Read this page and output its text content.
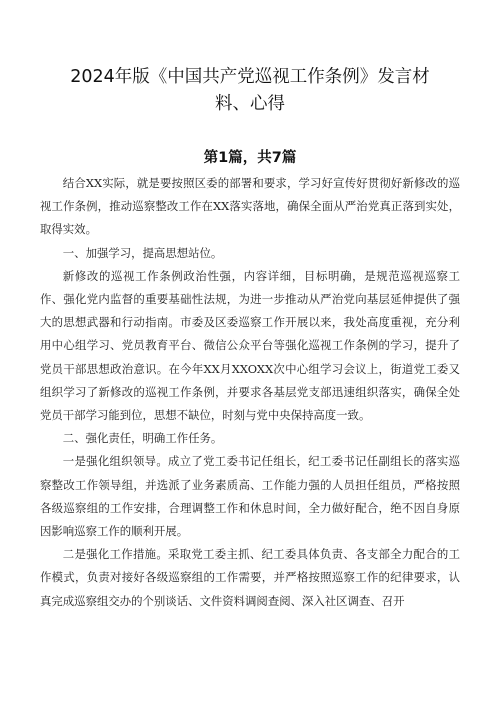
2024年版《中国共产党巡视工作条例》发言材料、心得
第1篇，共7篇

结合XX实际，就是要按照区委的部署和要求，学习好宣传好贯彻好新修改的巡视工作条例，推动巡察整改工作在XX落实落地，确保全面从严治党真正落到实处，取得实效。

一、加强学习，提高思想站位。

新修改的巡视工作条例政治性强，内容详细，目标明确，是规范巡视巡察工作、强化党内监督的重要基础性法规，为进一步推动从严治党向基层延伸提供了强大的思想武器和行动指南。市委及区委巡察工作开展以来，我处高度重视，充分利用中心组学习、党员教育平台、微信公众平台等强化巡视工作条例的学习，提升了党员干部思想政治意识。在今年XX月XXOXX次中心组学习会议上，街道党工委又组织学习了新修改的巡视工作条例，并要求各基层党支部迅速组织落实，确保全处党员干部学习能到位，思想不缺位，时刻与党中央保持高度一致。

二、强化责任，明确工作任务。

一是强化组织领导。成立了党工委书记任组长，纪工委书记任副组长的落实巡察整改工作领导组，并选派了业务素质高、工作能力强的人员担任组员，严格按照各级巡察组的工作安排，合理调整工作和休息时间，全力做好配合，绝不因自身原因影响巡察工作的顺利开展。

二是强化工作措施。采取党工委主抓、纪工委具体负责、各支部全力配合的工作模式，负责对接好各级巡察组的工作需要，并严格按照巡察工作的纪律要求，认真完成巡察组交办的个别谈话、文件资料调阅查阅、深入社区调查、召开
